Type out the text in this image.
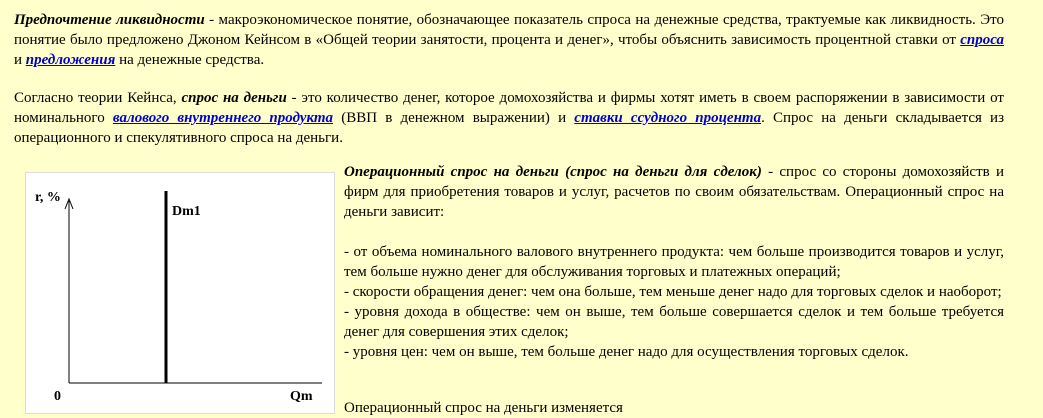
Предпочтение ликвидности - макроэкономическое понятие, обозначающее показатель спроса на денежные средства, трактуемые как ликвидность. Это понятие было предложено Джоном Кейнсом в «Общей теории занятости, процента и денег», чтобы объяснить зависимость процентной ставки от спроса и предложения на денежные средства.

Согласно теории Кейнса, спрос на деньги - это количество денег, которое домохозяйства и фирмы хотят иметь в своем распоряжении в зависимости от номинального валового внутреннего продукта (ВВП в денежном выражении) и ставки ссудного процента. Спрос на деньги складывается из операционного и спекулятивного спроса на деньги.

r, %
Qm
0
Dm1

Операционный спрос на деньги (спрос на деньги для сделок) - спрос со стороны домохозяйств и фирм для приобретения товаров и услуг, расчетов по своим обязательствам. Операционный спрос на деньги зависит:

- от объема номинального валового внутреннего продукта: чем больше производится товаров и услуг, тем больше нужно денег для обслуживания торговых и платежных операций;

- скорости обращения денег: чем она больше, тем меньше денег надо для торговых сделок и наоборот;

- уровня дохода в обществе: чем он выше, тем больше совершается сделок и тем больше требуется денег для совершения этих сделок;

- уровня цен: чем он выше, тем больше денег надо для осуществления торговых сделок.

Операционный спрос на деньги изменяется
